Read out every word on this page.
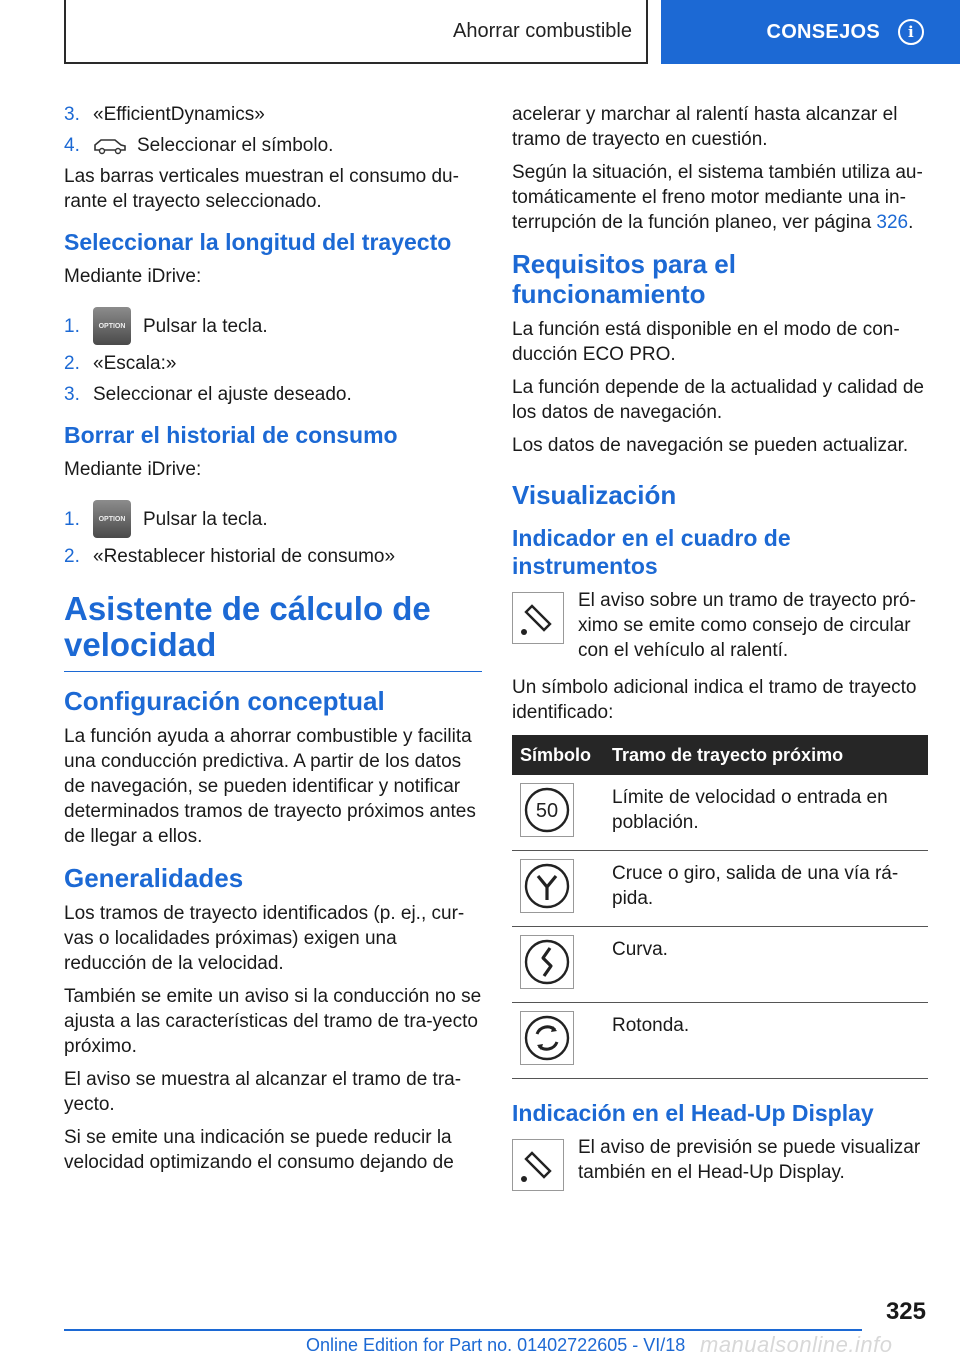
Ahorrar combustible	CONSEJOS	i
3. «EfficientDynamics»
4.	Seleccionar el símbolo.

Las barras verticales muestran el consumo du-rante el trayecto seleccionado.

Seleccionar la longitud del trayecto

Mediante iDrive:

1.	OPTION Pulsar la tecla.
2. «Escala:»
3. Seleccionar el ajuste deseado.
Borrar el historial de consumo

Mediante iDrive:

1.	OPTION Pulsar la tecla.
2. «Restablecer historial de consumo»
Asistente de cálculo de velocidad
Configuración conceptual

La función ayuda a ahorrar combustible y facilita una conducción predictiva. A partir de los datos de navegación, se pueden identificar y notificar determinados tramos de trayecto próximos antes de llegar a ellos.

Generalidades

Los tramos de trayecto identificados (p. ej., cur-vas o localidades próximas) exigen una reducción de la velocidad.

También se emite un aviso si la conducción no se ajusta a las características del tramo de tra-yecto próximo.

El aviso se muestra al alcanzar el tramo de tra-yecto.

Si se emite una indicación se puede reducir la velocidad optimizando el consumo dejando de

acelerar y marchar al ralentí hasta alcanzar el tramo de trayecto en cuestión.

Según la situación, el sistema también utiliza au-tomáticamente el freno motor mediante una in-terrupción de la función planeo, ver página 326.

Requisitos para el funcionamiento

La función está disponible en el modo de con-ducción ECO PRO.

La función depende de la actualidad y calidad de los datos de navegación.

Los datos de navegación se pueden actualizar.

Visualización
Indicador en el cuadro de instrumentos
El aviso sobre un tramo de trayecto pró-ximo se emite como consejo de circular con el vehículo al ralentí.

Un símbolo adicional indica el tramo de trayecto identificado:

Símbolo	Tramo de trayecto próximo

50	Límite de velocidad o entrada en población.

	Cruce o giro, salida de una vía rá-pida.

	Curva.

	Rotonda.
Indicación en el Head-Up Display
El aviso de previsión se puede visualizar también en el Head-Up Display.
325
Online Edition for Part no. 01402722605 - VI/18 manualsonline.info
